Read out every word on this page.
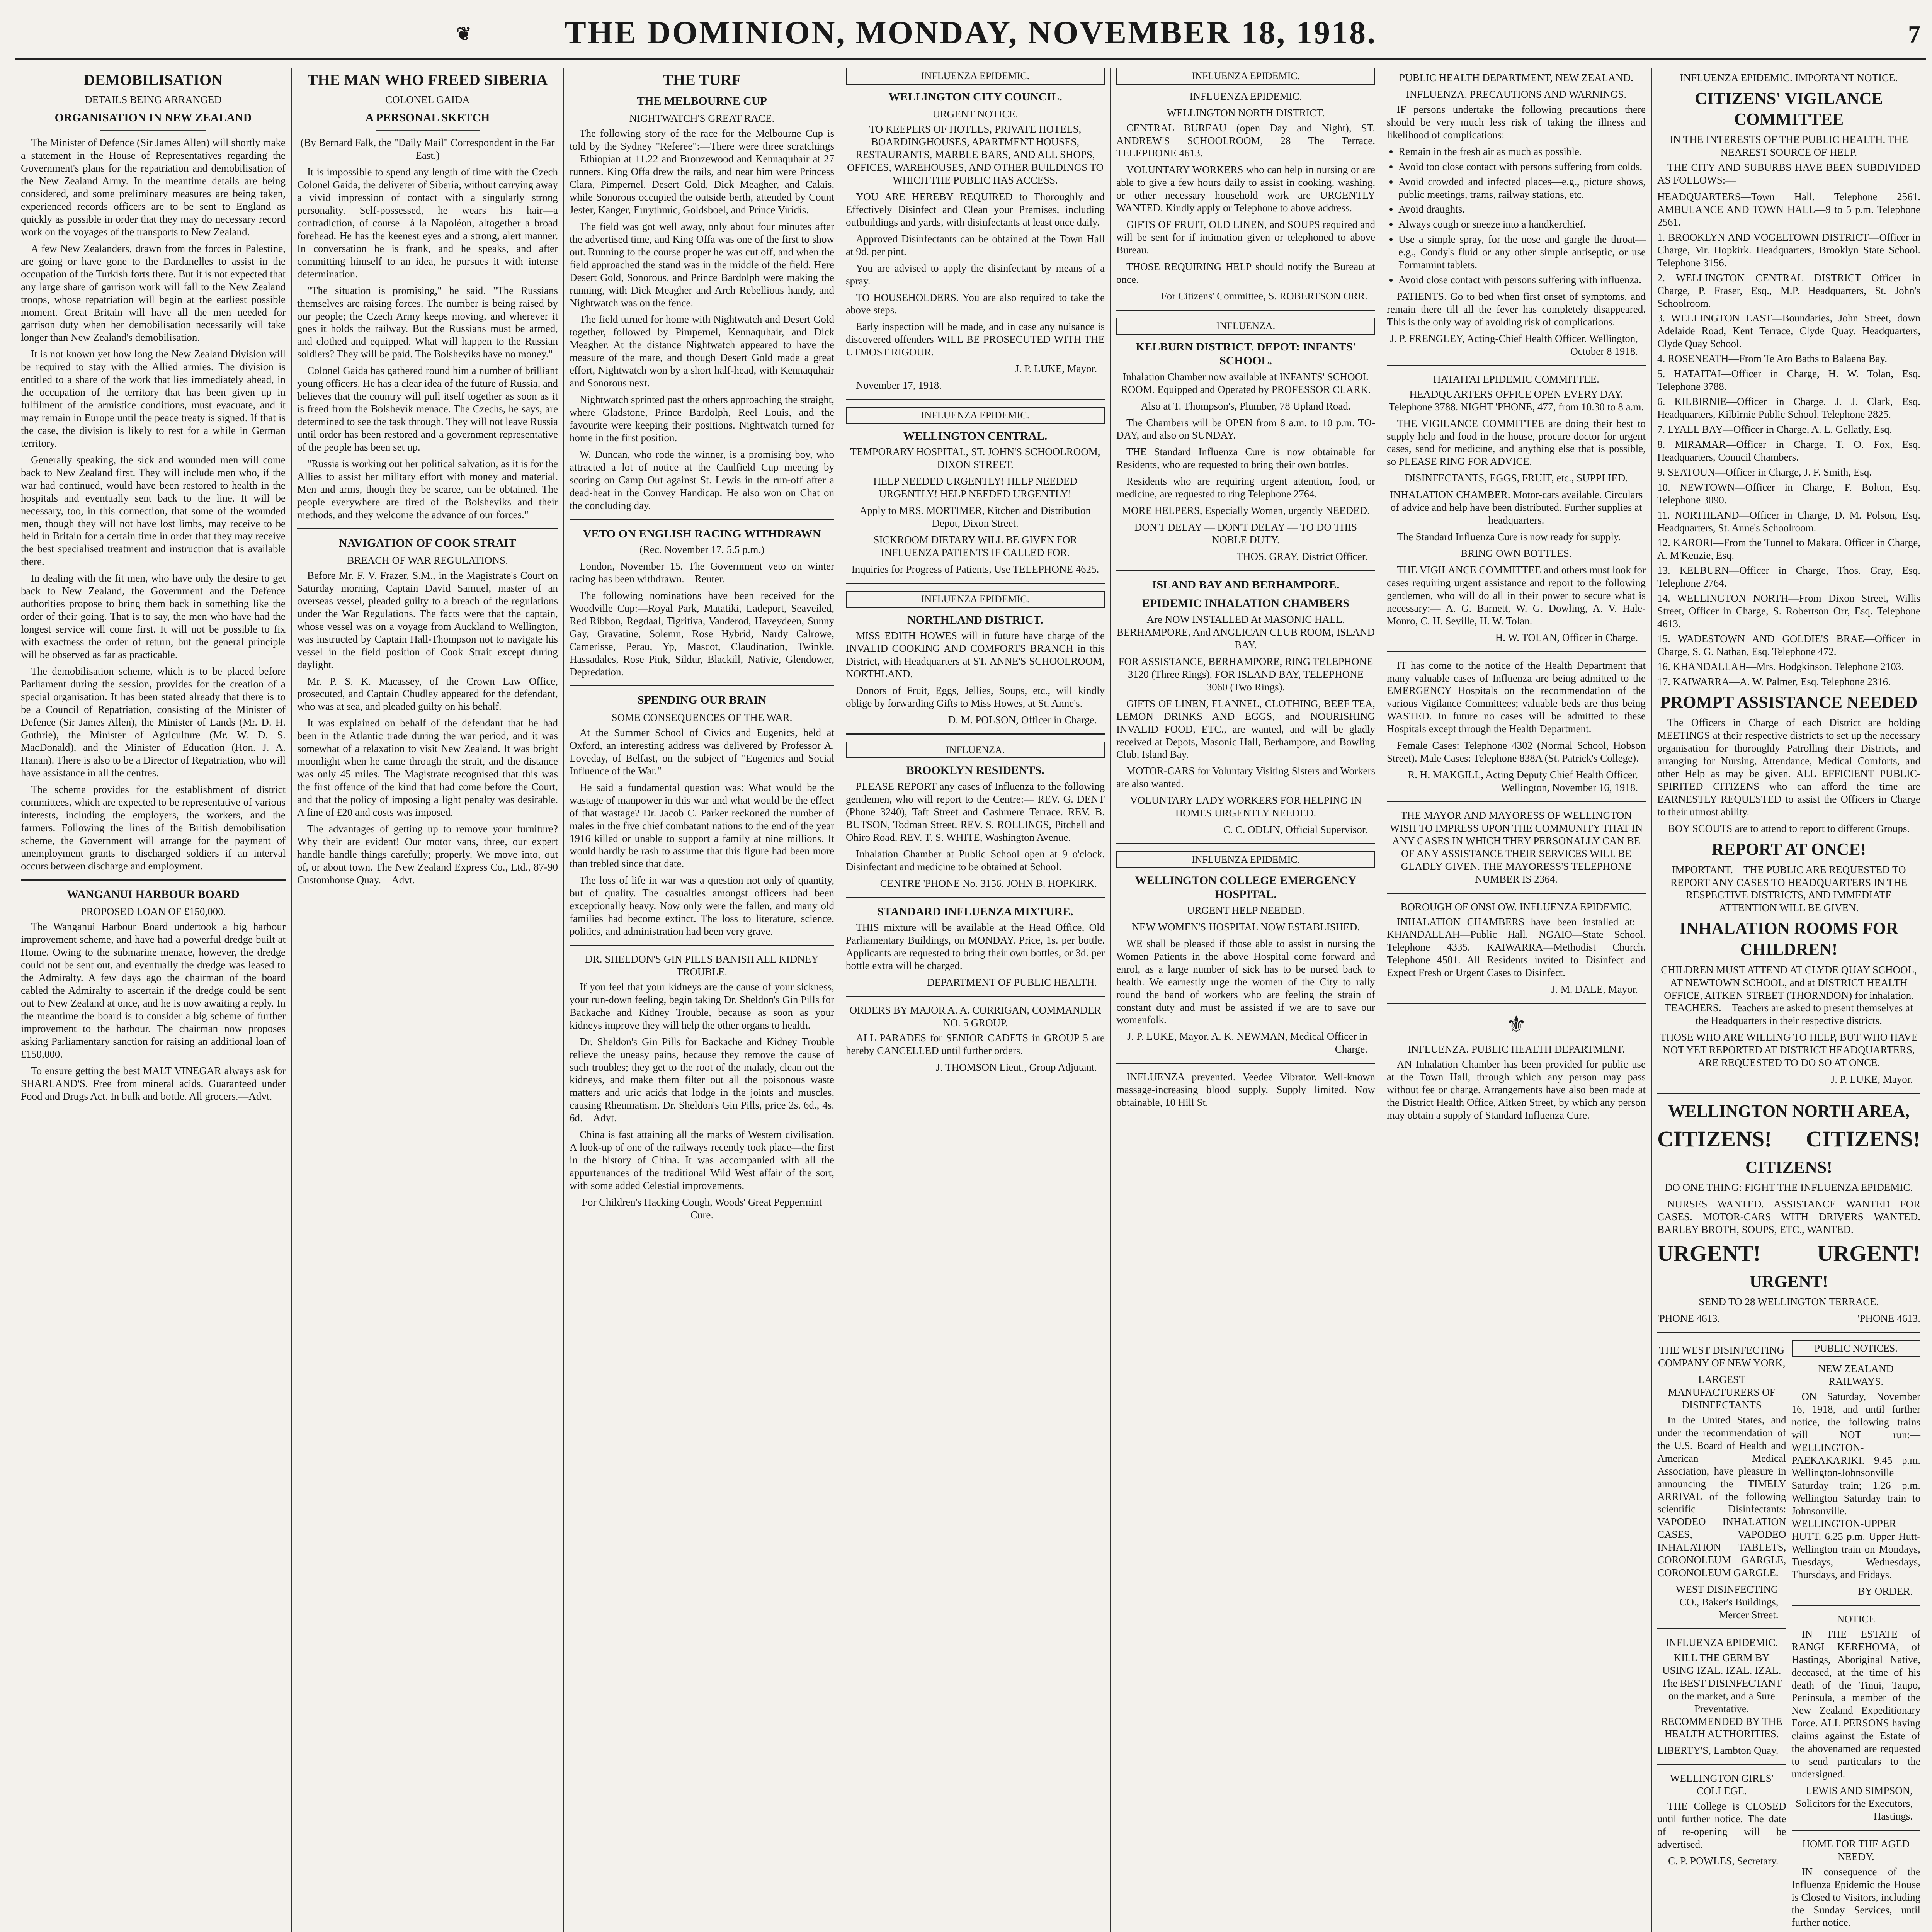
❦	THE DOMINION, MONDAY, NOVEMBER 18, 1918.	7
DEMOBILISATION
DETAILS BEING ARRANGED
ORGANISATION IN NEW ZEALAND

The Minister of Defence (Sir James Allen) will shortly make a statement in the House of Representatives regarding the Government's plans for the repatriation and demobilisation of the New Zealand Army. In the meantime details are being considered, and some preliminary measures are being taken, experienced records officers are to be sent to England as quickly as possible in order that they may do necessary record work on the voyages of the transports to New Zealand.

A few New Zealanders, drawn from the forces in Palestine, are going or have gone to the Dardanelles to assist in the occupation of the Turkish forts there. But it is not expected that any large share of garrison work will fall to the New Zealand troops, whose repatriation will begin at the earliest possible moment. Great Britain will have all the men needed for garrison duty when her demobilisation necessarily will take longer than New Zealand's demobilisation.

It is not known yet how long the New Zealand Division will be required to stay with the Allied armies. The division is entitled to a share of the work that lies immediately ahead, in the occupation of the territory that has been given up in fulfilment of the armistice conditions, must evacuate, and it may remain in Europe until the peace treaty is signed. If that is the case, the division is likely to rest for a while in German territory.

Generally speaking, the sick and wounded men will come back to New Zealand first. They will include men who, if the war had continued, would have been restored to health in the hospitals and eventually sent back to the line. It will be necessary, too, in this connection, that some of the wounded men, though they will not have lost limbs, may receive to be held in Britain for a certain time in order that they may receive the best specialised treatment and instruction that is available there.

In dealing with the fit men, who have only the desire to get back to New Zealand, the Government and the Defence authorities propose to bring them back in something like the order of their going. That is to say, the men who have had the longest service will come first. It will not be possible to fix with exactness the order of return, but the general principle will be observed as far as practicable.

The demobilisation scheme, which is to be placed before Parliament during the session, provides for the creation of a special organisation. It has been stated already that there is to be a Council of Repatriation, consisting of the Minister of Defence (Sir James Allen), the Minister of Lands (Mr. D. H. Guthrie), the Minister of Agriculture (Mr. W. D. S. MacDonald), and the Minister of Education (Hon. J. A. Hanan). There is also to be a Director of Repatriation, who will have assistance in all the centres.

The scheme provides for the establishment of district committees, which are expected to be representative of various interests, including the employers, the workers, and the farmers. Following the lines of the British demobilisation scheme, the Government will arrange for the payment of unemployment grants to discharged soldiers if an interval occurs between discharge and employment.

WANGANUI HARBOUR BOARD
PROPOSED LOAN OF £150,000.

The Wanganui Harbour Board undertook a big harbour improvement scheme, and have had a powerful dredge built at Home. Owing to the submarine menace, however, the dredge could not be sent out, and eventually the dredge was leased to the Admiralty. A few days ago the chairman of the board cabled the Admiralty to ascertain if the dredge could be sent out to New Zealand at once, and he is now awaiting a reply. In the meantime the board is to consider a big scheme of further improvement to the harbour. The chairman now proposes asking Parliamentary sanction for raising an additional loan of £150,000.

To ensure getting the best MALT VINEGAR always ask for SHARLAND'S. Free from mineral acids. Guaranteed under Food and Drugs Act. In bulk and bottle. All grocers.—Advt.

THE MAN WHO FREED SIBERIA
COLONEL GAIDA
A PERSONAL SKETCH

(By Bernard Falk, the "Daily Mail" Correspondent in the Far East.)

It is impossible to spend any length of time with the Czech Colonel Gaida, the deliverer of Siberia, without carrying away a vivid impression of contact with a singularly strong personality. Self-possessed, he wears his hair—a contradiction, of course—à la Napoléon, altogether a broad forehead. He has the keenest eyes and a strong, alert manner. In conversation he is frank, and he speaks, and after committing himself to an idea, he pursues it with intense determination.

"The situation is promising," he said. "The Russians themselves are raising forces. The number is being raised by our people; the Czech Army keeps moving, and wherever it goes it holds the railway. But the Russians must be armed, and clothed and equipped. What will happen to the Russian soldiers? They will be paid. The Bolsheviks have no money."

Colonel Gaida has gathered round him a number of brilliant young officers. He has a clear idea of the future of Russia, and believes that the country will pull itself together as soon as it is freed from the Bolshevik menace. The Czechs, he says, are determined to see the task through. They will not leave Russia until order has been restored and a government representative of the people has been set up.

"Russia is working out her political salvation, as it is for the Allies to assist her military effort with money and material. Men and arms, though they be scarce, can be obtained. The people everywhere are tired of the Bolsheviks and their methods, and they welcome the advance of our forces."

NAVIGATION OF COOK STRAIT
BREACH OF WAR REGULATIONS.

Before Mr. F. V. Frazer, S.M., in the Magistrate's Court on Saturday morning, Captain David Samuel, master of an overseas vessel, pleaded guilty to a breach of the regulations under the War Regulations. The facts were that the captain, whose vessel was on a voyage from Auckland to Wellington, was instructed by Captain Hall-Thompson not to navigate his vessel in the field position of Cook Strait except during daylight.

Mr. P. S. K. Macassey, of the Crown Law Office, prosecuted, and Captain Chudley appeared for the defendant, who was at sea, and pleaded guilty on his behalf.

It was explained on behalf of the defendant that he had been in the Atlantic trade during the war period, and it was somewhat of a relaxation to visit New Zealand. It was bright moonlight when he came through the strait, and the distance was only 45 miles. The Magistrate recognised that this was the first offence of the kind that had come before the Court, and that the policy of imposing a light penalty was desirable. A fine of £20 and costs was imposed.

The advantages of getting up to remove your furniture? Why their are evident! Our motor vans, three, our expert handle handle things carefully; properly. We move into, out of, or about town. The New Zealand Express Co., Ltd., 87-90 Customhouse Quay.—Advt.

THE TURF
THE MELBOURNE CUP
NIGHTWATCH'S GREAT RACE.

The following story of the race for the Melbourne Cup is told by the Sydney "Referee":—There were three scratchings—Ethiopian at 11.22 and Bronzewood and Kennaquhair at 27 runners. King Offa drew the rails, and near him were Princess Clara, Pimpernel, Desert Gold, Dick Meagher, and Calais, while Sonorous occupied the outside berth, attended by Count Jester, Kanger, Eurythmic, Goldsboel, and Prince Viridis.

The field was got well away, only about four minutes after the advertised time, and King Offa was one of the first to show out. Running to the course proper he was cut off, and when the field approached the stand was in the middle of the field. Here Desert Gold, Sonorous, and Prince Bardolph were making the running, with Dick Meagher and Arch Rebellious handy, and Nightwatch was on the fence.

The field turned for home with Nightwatch and Desert Gold together, followed by Pimpernel, Kennaquhair, and Dick Meagher. At the distance Nightwatch appeared to have the measure of the mare, and though Desert Gold made a great effort, Nightwatch won by a short half-head, with Kennaquhair and Sonorous next.

Nightwatch sprinted past the others approaching the straight, where Gladstone, Prince Bardolph, Reel Louis, and the favourite were keeping their positions. Nightwatch turned for home in the first position.

W. Duncan, who rode the winner, is a promising boy, who attracted a lot of notice at the Caulfield Cup meeting by scoring on Camp Out against St. Lewis in the run-off after a dead-heat in the Convey Handicap. He also won on Chat on the concluding day.

VETO ON ENGLISH RACING WITHDRAWN

(Rec. November 17, 5.5 p.m.)

London, November 15. The Government veto on winter racing has been withdrawn.—Reuter.

The following nominations have been received for the Woodville Cup:—Royal Park, Matatiki, Ladeport, Seaveiled, Red Ribbon, Regdaal, Tigritiva, Vanderod, Haveydeen, Sunny Gay, Gravatine, Solemn, Rose Hybrid, Nardy Calrowe, Camerisse, Perau, Yp, Mascot, Claudination, Twinkle, Hassadales, Rose Pink, Sildur, Blackill, Nativie, Glendower, Depredation.

SPENDING OUR BRAIN
SOME CONSEQUENCES OF THE WAR.

At the Summer School of Civics and Eugenics, held at Oxford, an interesting address was delivered by Professor A. Loveday, of Belfast, on the subject of "Eugenics and Social Influence of the War."

He said a fundamental question was: What would be the wastage of manpower in this war and what would be the effect of that wastage? Dr. Jacob C. Parker reckoned the number of males in the five chief combatant nations to the end of the year 1916 killed or unable to support a family at nine millions. It would hardly be rash to assume that this figure had been more than trebled since that date.

The loss of life in war was a question not only of quantity, but of quality. The casualties amongst officers had been exceptionally heavy. Now only were the fallen, and many old families had become extinct. The loss to literature, science, politics, and administration had been very grave.

DR. SHELDON'S GIN PILLS BANISH ALL KIDNEY TROUBLE.

If you feel that your kidneys are the cause of your sickness, your run-down feeling, begin taking Dr. Sheldon's Gin Pills for Backache and Kidney Trouble, because as soon as your kidneys improve they will help the other organs to health.

Dr. Sheldon's Gin Pills for Backache and Kidney Trouble relieve the uneasy pains, because they remove the cause of such troubles; they get to the root of the malady, clean out the kidneys, and make them filter out all the poisonous waste matters and uric acids that lodge in the joints and muscles, causing Rheumatism. Dr. Sheldon's Gin Pills, price 2s. 6d., 4s. 6d.—Advt.

China is fast attaining all the marks of Western civilisation. A look-up of one of the railways recently took place—the first in the history of China. It was accompanied with all the appurtenances of the traditional Wild West affair of the sort, with some added Celestial improvements.

For Children's Hacking Cough, Woods' Great Peppermint Cure.

INFLUENZA EPIDEMIC.
WELLINGTON CITY COUNCIL.
URGENT NOTICE.

TO KEEPERS OF HOTELS, PRIVATE HOTELS, BOARDINGHOUSES, APARTMENT HOUSES, RESTAURANTS, MARBLE BARS, AND ALL SHOPS, OFFICES, WAREHOUSES, AND OTHER BUILDINGS TO WHICH THE PUBLIC HAS ACCESS.

YOU ARE HEREBY REQUIRED to Thoroughly and Effectively Disinfect and Clean your Premises, including outbuildings and yards, with disinfectants at least once daily.

Approved Disinfectants can be obtained at the Town Hall at 9d. per pint.

You are advised to apply the disinfectant by means of a spray.

TO HOUSEHOLDERS. You are also required to take the above steps.

Early inspection will be made, and in case any nuisance is discovered offenders WILL BE PROSECUTED WITH THE UTMOST RIGOUR.

J. P. LUKE, Mayor.

November 17, 1918.

INFLUENZA EPIDEMIC.
WELLINGTON CENTRAL.

TEMPORARY HOSPITAL, ST. JOHN'S SCHOOLROOM, DIXON STREET.

HELP NEEDED URGENTLY! HELP NEEDED URGENTLY! HELP NEEDED URGENTLY!

Apply to MRS. MORTIMER, Kitchen and Distribution Depot, Dixon Street.

SICKROOM DIETARY WILL BE GIVEN FOR INFLUENZA PATIENTS IF CALLED FOR.

Inquiries for Progress of Patients, Use TELEPHONE 4625.

INFLUENZA EPIDEMIC.
NORTHLAND DISTRICT.

MISS EDITH HOWES will in future have charge of the INVALID COOKING AND COMFORTS BRANCH in this District, with Headquarters at ST. ANNE'S SCHOOLROOM, NORTHLAND.

Donors of Fruit, Eggs, Jellies, Soups, etc., will kindly oblige by forwarding Gifts to Miss Howes, at St. Anne's.

D. M. POLSON, Officer in Charge.

INFLUENZA.
BROOKLYN RESIDENTS.

PLEASE REPORT any cases of Influenza to the following gentlemen, who will report to the Centre:— REV. G. DENT (Phone 3240), Taft Street and Cashmere Terrace. REV. B. BUTSON, Todman Street. REV. S. ROLLINGS, Pitchell and Ohiro Road. REV. T. S. WHITE, Washington Avenue.

Inhalation Chamber at Public School open at 9 o'clock. Disinfectant and medicine to be obtained at School.

CENTRE 'PHONE No. 3156. JOHN B. HOPKIRK.

STANDARD INFLUENZA MIXTURE.

THIS mixture will be available at the Head Office, Old Parliamentary Buildings, on MONDAY. Price, 1s. per bottle. Applicants are requested to bring their own bottles, or 3d. per bottle extra will be charged.

DEPARTMENT OF PUBLIC HEALTH.

ORDERS BY MAJOR A. A. CORRIGAN, COMMANDER NO. 5 GROUP.

ALL PARADES for SENIOR CADETS in GROUP 5 are hereby CANCELLED until further orders.

J. THOMSON Lieut., Group Adjutant.

INFLUENZA EPIDEMIC.
INFLUENZA EPIDEMIC.
WELLINGTON NORTH DISTRICT.

CENTRAL BUREAU (open Day and Night), ST. ANDREW'S SCHOOLROOM, 28 The Terrace. TELEPHONE 4613.

VOLUNTARY WORKERS who can help in nursing or are able to give a few hours daily to assist in cooking, washing, or other necessary household work are URGENTLY WANTED. Kindly apply or Telephone to above address.

GIFTS OF FRUIT, OLD LINEN, and SOUPS required and will be sent for if intimation given or telephoned to above Bureau.

THOSE REQUIRING HELP should notify the Bureau at once.

For Citizens' Committee, S. ROBERTSON ORR.

INFLUENZA.
KELBURN DISTRICT. DEPOT: INFANTS' SCHOOL.

Inhalation Chamber now available at INFANTS' SCHOOL ROOM. Equipped and Operated by PROFESSOR CLARK.

Also at T. Thompson's, Plumber, 78 Upland Road.

The Chambers will be OPEN from 8 a.m. to 10 p.m. TO-DAY, and also on SUNDAY.

THE Standard Influenza Cure is now obtainable for Residents, who are requested to bring their own bottles.

Residents who are requiring urgent attention, food, or medicine, are requested to ring Telephone 2764.

MORE HELPERS, Especially Women, urgently NEEDED.

DON'T DELAY — DON'T DELAY — TO DO THIS NOBLE DUTY.

THOS. GRAY, District Officer.

ISLAND BAY AND BERHAMPORE.
EPIDEMIC INHALATION CHAMBERS

Are NOW INSTALLED At MASONIC HALL, BERHAMPORE, And ANGLICAN CLUB ROOM, ISLAND BAY.

FOR ASSISTANCE, BERHAMPORE, RING TELEPHONE 3120 (Three Rings). FOR ISLAND BAY, TELEPHONE 3060 (Two Rings).

GIFTS OF LINEN, FLANNEL, CLOTHING, BEEF TEA, LEMON DRINKS AND EGGS, and NOURISHING INVALID FOOD, ETC., are wanted, and will be gladly received at Depots, Masonic Hall, Berhampore, and Bowling Club, Island Bay.

MOTOR-CARS for Voluntary Visiting Sisters and Workers are also wanted.

VOLUNTARY LADY WORKERS FOR HELPING IN HOMES URGENTLY NEEDED.

C. C. ODLIN, Official Supervisor.

INFLUENZA EPIDEMIC.
WELLINGTON COLLEGE EMERGENCY HOSPITAL.

URGENT HELP NEEDED.

NEW WOMEN'S HOSPITAL NOW ESTABLISHED.

WE shall be pleased if those able to assist in nursing the Women Patients in the above Hospital come forward and enrol, as a large number of sick has to be nursed back to health. We earnestly urge the women of the City to rally round the band of workers who are feeling the strain of constant duty and must be assisted if we are to save our womenfolk.

J. P. LUKE, Mayor. A. K. NEWMAN, Medical Officer in Charge.

INFLUENZA prevented. Veedee Vibrator. Well-known massage-increasing blood supply. Supply limited. Now obtainable, 10 Hill St.

PUBLIC HEALTH DEPARTMENT, NEW ZEALAND.
INFLUENZA. PRECAUTIONS AND WARNINGS.

IF persons undertake the following precautions there should be very much less risk of taking the illness and likelihood of complications:—

• Remain in the fresh air as much as possible.
• Avoid too close contact with persons suffering from colds.
• Avoid crowded and infected places—e.g., picture shows, public meetings, trams, railway stations, etc.
• Avoid draughts.
• Always cough or sneeze into a handkerchief.
• Use a simple spray, for the nose and gargle the throat—e.g., Condy's fluid or any other simple antiseptic, or use Formamint tablets.
• Avoid close contact with persons suffering with influenza.

PATIENTS. Go to bed when first onset of symptoms, and remain there till all the fever has completely disappeared. This is the only way of avoiding risk of complications.

J. P. FRENGLEY, Acting-Chief Health Officer. Wellington, October 8 1918.

HATAITAI EPIDEMIC COMMITTEE.

HEADQUARTERS OFFICE OPEN EVERY DAY. Telephone 3788. NIGHT 'PHONE, 477, from 10.30 to 8 a.m.

THE VIGILANCE COMMITTEE are doing their best to supply help and food in the house, procure doctor for urgent cases, send for medicine, and anything else that is possible, so PLEASE RING FOR ADVICE.

DISINFECTANTS, EGGS, FRUIT, etc., SUPPLIED.

INHALATION CHAMBER. Motor-cars available. Circulars of advice and help have been distributed. Further supplies at headquarters.

The Standard Influenza Cure is now ready for supply.

BRING OWN BOTTLES.

THE VIGILANCE COMMITTEE and others must look for cases requiring urgent assistance and report to the following gentlemen, who will do all in their power to secure what is necessary:— A. G. Barnett, W. G. Dowling, A. V. Hale-Monro, C. H. Seville, H. W. Tolan.

H. W. TOLAN, Officer in Charge.

IT has come to the notice of the Health Department that many valuable cases of Influenza are being admitted to the EMERGENCY Hospitals on the recommendation of the various Vigilance Committees; valuable beds are thus being WASTED. In future no cases will be admitted to these Hospitals except through the Health Department.

Female Cases: Telephone 4302 (Normal School, Hobson Street). Male Cases: Telephone 838A (St. Patrick's College).

R. H. MAKGILL, Acting Deputy Chief Health Officer. Wellington, November 16, 1918.

THE MAYOR AND MAYORESS OF WELLINGTON WISH TO IMPRESS UPON THE COMMUNITY THAT IN ANY CASES IN WHICH THEY PERSONALLY CAN BE OF ANY ASSISTANCE THEIR SERVICES WILL BE GLADLY GIVEN. THE MAYORESS'S TELEPHONE NUMBER IS 2364.

BOROUGH OF ONSLOW. INFLUENZA EPIDEMIC.

INHALATION CHAMBERS have been installed at:— KHANDALLAH—Public Hall. NGAIO—State School. Telephone 4335. KAIWARRA—Methodist Church. Telephone 4501. All Residents invited to Disinfect and Expect Fresh or Urgent Cases to Disinfect.

J. M. DALE, Mayor.

⚜
INFLUENZA. PUBLIC HEALTH DEPARTMENT.

AN Inhalation Chamber has been provided for public use at the Town Hall, through which any person may pass without fee or charge. Arrangements have also been made at the District Health Office, Aitken Street, by which any person may obtain a supply of Standard Influenza Cure.

INFLUENZA EPIDEMIC. IMPORTANT NOTICE.
CITIZENS' VIGILANCE COMMITTEE
IN THE INTERESTS OF THE PUBLIC HEALTH. THE NEAREST SOURCE OF HELP.

THE CITY AND SUBURBS HAVE BEEN SUBDIVIDED AS FOLLOWS:—

HEADQUARTERS—Town Hall. Telephone 2561. AMBULANCE AND TOWN HALL—9 to 5 p.m. Telephone 2561.
1. BROOKLYN AND VOGELTOWN DISTRICT—Officer in Charge, Mr. Hopkirk. Headquarters, Brooklyn State School. Telephone 3156.
2. WELLINGTON CENTRAL DISTRICT—Officer in Charge, P. Fraser, Esq., M.P. Headquarters, St. John's Schoolroom.
3. WELLINGTON EAST—Boundaries, John Street, down Adelaide Road, Kent Terrace, Clyde Quay. Headquarters, Clyde Quay School.
4. ROSENEATH—From Te Aro Baths to Balaena Bay.
5. HATAITAI—Officer in Charge, H. W. Tolan, Esq. Telephone 3788.
6. KILBIRNIE—Officer in Charge, J. J. Clark, Esq. Headquarters, Kilbirnie Public School. Telephone 2825.
7. LYALL BAY—Officer in Charge, A. L. Gellatly, Esq.
8. MIRAMAR—Officer in Charge, T. O. Fox, Esq. Headquarters, Council Chambers.
9. SEATOUN—Officer in Charge, J. F. Smith, Esq.
10. NEWTOWN—Officer in Charge, F. Bolton, Esq. Telephone 3090.
11. NORTHLAND—Officer in Charge, D. M. Polson, Esq. Headquarters, St. Anne's Schoolroom.
12. KARORI—From the Tunnel to Makara. Officer in Charge, A. M'Kenzie, Esq.
13. KELBURN—Officer in Charge, Thos. Gray, Esq. Telephone 2764.
14. WELLINGTON NORTH—From Dixon Street, Willis Street, Officer in Charge, S. Robertson Orr, Esq. Telephone 4613.
15. WADESTOWN AND GOLDIE'S BRAE—Officer in Charge, S. G. Nathan, Esq. Telephone 472.
16. KHANDALLAH—Mrs. Hodgkinson. Telephone 2103.
17. KAIWARRA—A. W. Palmer, Esq. Telephone 2316.
PROMPT ASSISTANCE NEEDED

The Officers in Charge of each District are holding MEETINGS at their respective districts to set up the necessary organisation for thoroughly Patrolling their Districts, and arranging for Nursing, Attendance, Medical Comforts, and other Help as may be given. ALL EFFICIENT PUBLIC-SPIRITED CITIZENS who can afford the time are EARNESTLY REQUESTED to assist the Officers in Charge to their utmost ability.

BOY SCOUTS are to attend to report to different Groups.

REPORT AT ONCE!

IMPORTANT.—THE PUBLIC ARE REQUESTED TO REPORT ANY CASES TO HEADQUARTERS IN THE RESPECTIVE DISTRICTS, AND IMMEDIATE ATTENTION WILL BE GIVEN.

INHALATION ROOMS FOR CHILDREN!

CHILDREN MUST ATTEND AT CLYDE QUAY SCHOOL, AT NEWTOWN SCHOOL, and at DISTRICT HEALTH OFFICE, AITKEN STREET (THORNDON) for inhalation. TEACHERS.—Teachers are asked to present themselves at the Headquarters in their respective districts.

THOSE WHO ARE WILLING TO HELP, BUT WHO HAVE NOT YET REPORTED AT DISTRICT HEADQUARTERS, ARE REQUESTED TO DO SO AT ONCE.

J. P. LUKE, Mayor.

WELLINGTON NORTH AREA,
CITIZENS! CITIZENS!
CITIZENS!

DO ONE THING: FIGHT THE INFLUENZA EPIDEMIC.

NURSES WANTED. ASSISTANCE WANTED FOR CASES. MOTOR-CARS WITH DRIVERS WANTED. BARLEY BROTH, SOUPS, ETC., WANTED.

URGENT!	URGENT!
URGENT!

SEND TO 28 WELLINGTON TERRACE.

'PHONE 4613.	'PHONE 4613.
THE WEST DISINFECTING COMPANY OF NEW YORK,
LARGEST MANUFACTURERS OF DISINFECTANTS

In the United States, and under the recommendation of the U.S. Board of Health and American Medical Association, have pleasure in announcing the TIMELY ARRIVAL of the following scientific Disinfectants: VAPODEO INHALATION CASES, VAPODEO INHALATION TABLETS, CORONOLEUM GARGLE, CORONOLEUM GARGLE.

WEST DISINFECTING CO., Baker's Buildings, Mercer Street.

INFLUENZA EPIDEMIC.

KILL THE GERM BY USING IZAL. IZAL. IZAL. The BEST DISINFECTANT on the market, and a Sure Preventative. RECOMMENDED BY THE HEALTH AUTHORITIES.

LIBERTY'S, Lambton Quay.

WELLINGTON GIRLS' COLLEGE.

THE College is CLOSED until further notice. The date of re-opening will be advertised.

C. P. POWLES, Secretary.

PUBLIC NOTICES.
NEW ZEALAND RAILWAYS.

ON Saturday, November 16, 1918, and until further notice, the following trains will NOT run:— WELLINGTON-PAEKAKARIKI. 9.45 p.m. Wellington-Johnsonville Saturday train; 1.26 p.m. Wellington Saturday train to Johnsonville. WELLINGTON-UPPER HUTT. 6.25 p.m. Upper Hutt-Wellington train on Mondays, Tuesdays, Wednesdays, Thursdays, and Fridays.

BY ORDER.

NOTICE

IN THE ESTATE of RANGI KEREHOMA, of Hastings, Aboriginal Native, deceased, at the time of his death of the Tinui, Taupo, Peninsula, a member of the New Zealand Expeditionary Force. ALL PERSONS having claims against the Estate of the abovenamed are requested to send particulars to the undersigned.

LEWIS AND SIMPSON, Solicitors for the Executors, Hastings.

HOME FOR THE AGED NEEDY.

IN consequence of the Influenza Epidemic the House is Closed to Visitors, including the Sunday Services, until further notice.
